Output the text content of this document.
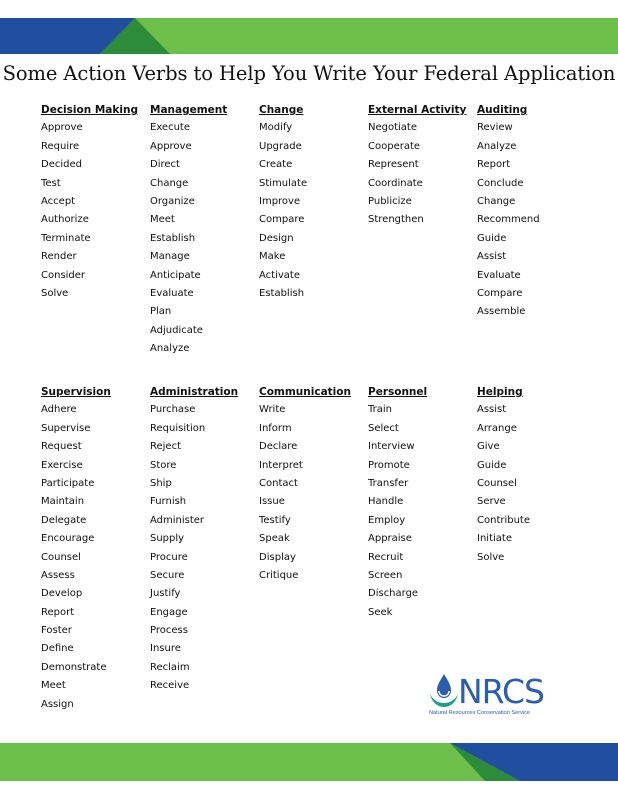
Some Action Verbs to Help You Write Your Federal Application
Decision Making
Approve
Require
Decided
Test
Accept
Authorize
Terminate
Render
Consider
Solve
Management
Execute
Approve
Direct
Change
Organize
Meet
Establish
Manage
Anticipate
Evaluate
Plan
Adjudicate
Analyze
Change
Modify
Upgrade
Create
Stimulate
Improve
Compare
Design
Make
Activate
Establish
External Activity
Negotiate
Cooperate
Represent
Coordinate
Publicize
Strengthen
Auditing
Review
Analyze
Report
Conclude
Change
Recommend
Guide
Assist
Evaluate
Compare
Assemble
Supervision
Adhere
Supervise
Request
Exercise
Participate
Maintain
Delegate
Encourage
Counsel
Assess
Develop
Report
Foster
Define
Demonstrate
Meet
Assign
Administration
Purchase
Requisition
Reject
Store
Ship
Furnish
Administer
Supply
Procure
Secure
Justify
Engage
Process
Insure
Reclaim
Receive
Communication
Write
Inform
Declare
Interpret
Contact
Issue
Testify
Speak
Display
Critique
Personnel
Train
Select
Interview
Promote
Transfer
Handle
Employ
Appraise
Recruit
Screen
Discharge
Seek
Helping
Assist
Arrange
Give
Guide
Counsel
Serve
Contribute
Initiate
Solve
NRCS
Natural Resources Conservation Service
